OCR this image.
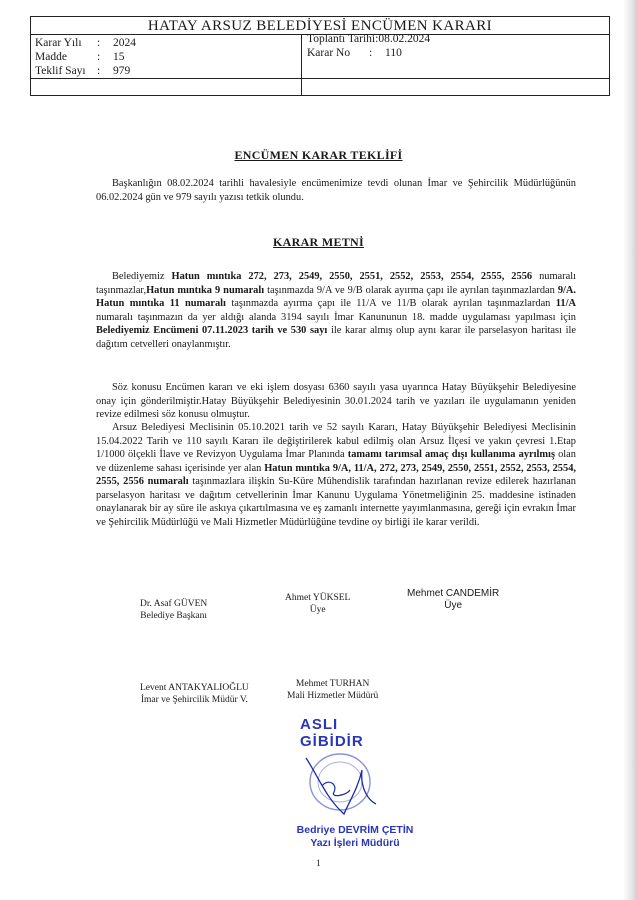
HATAY ARSUZ BELEDİYESİ ENCÜMEN KARARI
Karar Yılı : 2024
Madde	: 15
Teklif Sayı : 979
Toplantı Tarihi:08.02.2024
Karar No : 110
ENCÜMEN KARAR TEKLİFİ

Başkanlığın 08.02.2024 tarihli havalesiyle encümenimize tevdi olunan İmar ve Şehircilik Müdürlüğünün 06.02.2024 gün ve 979 sayılı yazısı tetkik olundu.

KARAR METNİ

Belediyemiz Hatun mıntıka 272, 273, 2549, 2550, 2551, 2552, 2553, 2554, 2555, 2556 numaralı taşınmazlar,Hatun mıntıka 9 numaralı taşınmazda 9/A ve 9/B olarak ayırma çapı ile ayrılan taşınmazlardan 9/A. Hatun mıntıka 11 numaralı taşınmazda ayırma çapı ile 11/A ve 11/B olarak ayrılan taşınmazlardan 11/A numaralı taşınmazın da yer aldığı alanda 3194 sayılı İmar Kanununun 18. madde uygulaması yapılması için Belediyemiz Encümeni 07.11.2023 tarih ve 530 sayı ile karar almış olup aynı karar ile parselasyon haritası ile dağıtım cetvelleri onaylanmıştır.

Söz konusu Encümen kararı ve eki işlem dosyası 6360 sayılı yasa uyarınca Hatay Büyükşehir Belediyesine onay için gönderilmiştir.Hatay Büyükşehir Belediyesinin 30.01.2024 tarih ve yazıları ile uygulamanın yeniden revize edilmesi söz konusu olmuştur.

Arsuz Belediyesi Meclisinin 05.10.2021 tarih ve 52 sayılı Kararı, Hatay Büyükşehir Belediyesi Meclisinin 15.04.2022 Tarih ve 110 sayılı Kararı ile değiştirilerek kabul edilmiş olan Arsuz İlçesi ve yakın çevresi 1.Etap 1/1000 ölçekli İlave ve Revizyon Uygulama İmar Planında tamamı tarımsal amaç dışı kullanıma ayrılmış olan ve düzenleme sahası içerisinde yer alan Hatun mıntıka 9/A, 11/A, 272, 273, 2549, 2550, 2551, 2552, 2553, 2554, 2555, 2556 numaralı taşınmazlara ilişkin Su-Küre Mühendislik tarafından hazırlanan revize edilerek hazırlanan parselasyon haritası ve dağıtım cetvellerinin İmar Kanunu Uygulama Yönetmeliğinin 25. maddesine istinaden onaylanarak bir ay süre ile askıya çıkartılmasına ve eş zamanlı internette yayımlanmasına, gereği için evrakın İmar ve Şehircilik Müdürlüğü ve Mali Hizmetler Müdürlüğüne tevdine oy birliği ile karar verildi.

Dr. Asaf GÜVEN
Belediye Başkanı
Ahmet YÜKSEL
Üye
Mehmet CANDEMİR
Üye
Levent ANTAKYALIOĞLU
İmar ve Şehircilik Müdür V.
Mehmet TURHAN
Mali Hizmetler Müdürü
ASLI GİBİDİR
Bedriye DEVRİM ÇETİN
Yazı İşleri Müdürü
1
